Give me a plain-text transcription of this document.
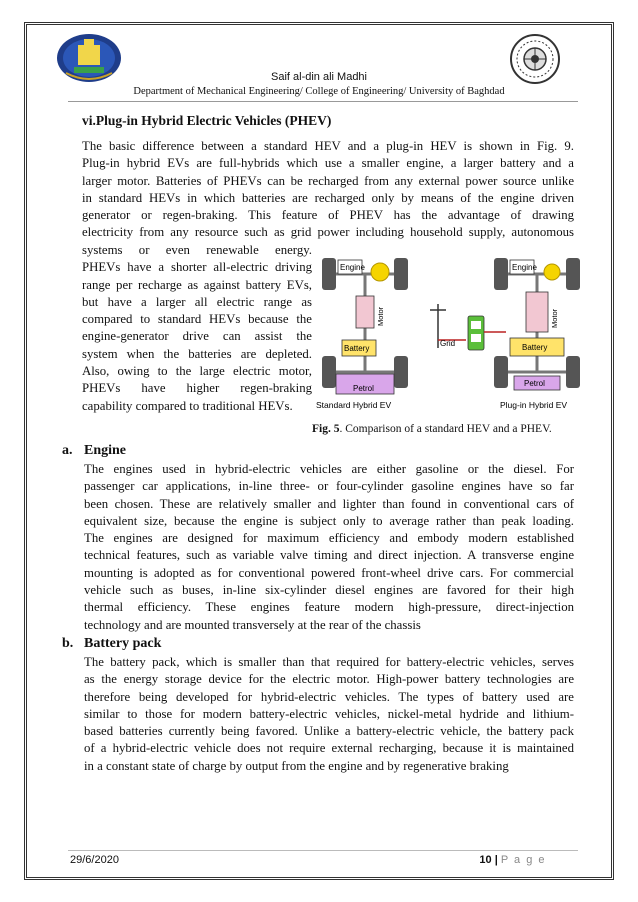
Saif al-din ali Madhi
Department of Mechanical Engineering/ College of Engineering/ University of Baghdad
vi.Plug-in Hybrid Electric Vehicles (PHEV)
The basic difference between a standard HEV and a plug-in HEV is shown in Fig. 9.
Plug-in hybrid EVs are full-hybrids which use a smaller engine, a larger battery and a
larger motor. Batteries of PHEVs can be recharged from any external power source unlike
in standard HEVs in which batteries are recharged only by means of the engine driven
generator or regen-braking. This feature of PHEV has the advantage of drawing
electricity from any resource such as grid power including household supply, autonomous
systems or even renewable energy.
PHEVs have a shorter all-electric driving
range per recharge as against battery EVs,
but have a larger all electric range as
compared to standard HEVs because the
engine-generator drive can assist the
system when the batteries are depleted.
Also, owing to the large electric motor,
PHEVs have higher regen-braking
capability compared to traditional HEVs.
Engine
Motor
Battery
Petrol
Standard Hybrid EV
Grid
Engine
Motor
Battery
Petrol
Plug-in Hybrid EV
Fig. 5. Comparison of a standard HEV and a PHEV.
a. Engine
The engines used in hybrid-electric vehicles are either gasoline or the diesel. For
passenger car applications, in-line three- or four-cylinder gasoline engines have so far
been chosen. These are relatively smaller and lighter than found in conventional cars of
equivalent size, because the engine is subject only to average rather than peak loading.
The engines are designed for maximum efficiency and embody modern established
technical features, such as variable valve timing and direct injection. A transverse engine
mounting is adopted as for conventional powered front-wheel drive cars. For commercial
vehicle such as buses, in-line six-cylinder diesel engines are favored for their high
thermal efficiency. These engines feature modern high-pressure, direct-injection
technology and are mounted transversely at the rear of the chassis
b. Battery pack
The battery pack, which is smaller than that required for battery-electric vehicles, serves
as the energy storage device for the electric motor. High-power battery technologies are
therefore being developed for hybrid-electric vehicles. The types of battery used are
similar to those for modern battery-electric vehicles, nickel-metal hydride and lithium-
based batteries currently being favored. Unlike a battery-electric vehicle, the battery pack
of a hybrid-electric vehicle does not require external recharging, because it is maintained
in a constant state of charge by output from the engine and by regenerative braking
29/6/2020	10 | P a g e
